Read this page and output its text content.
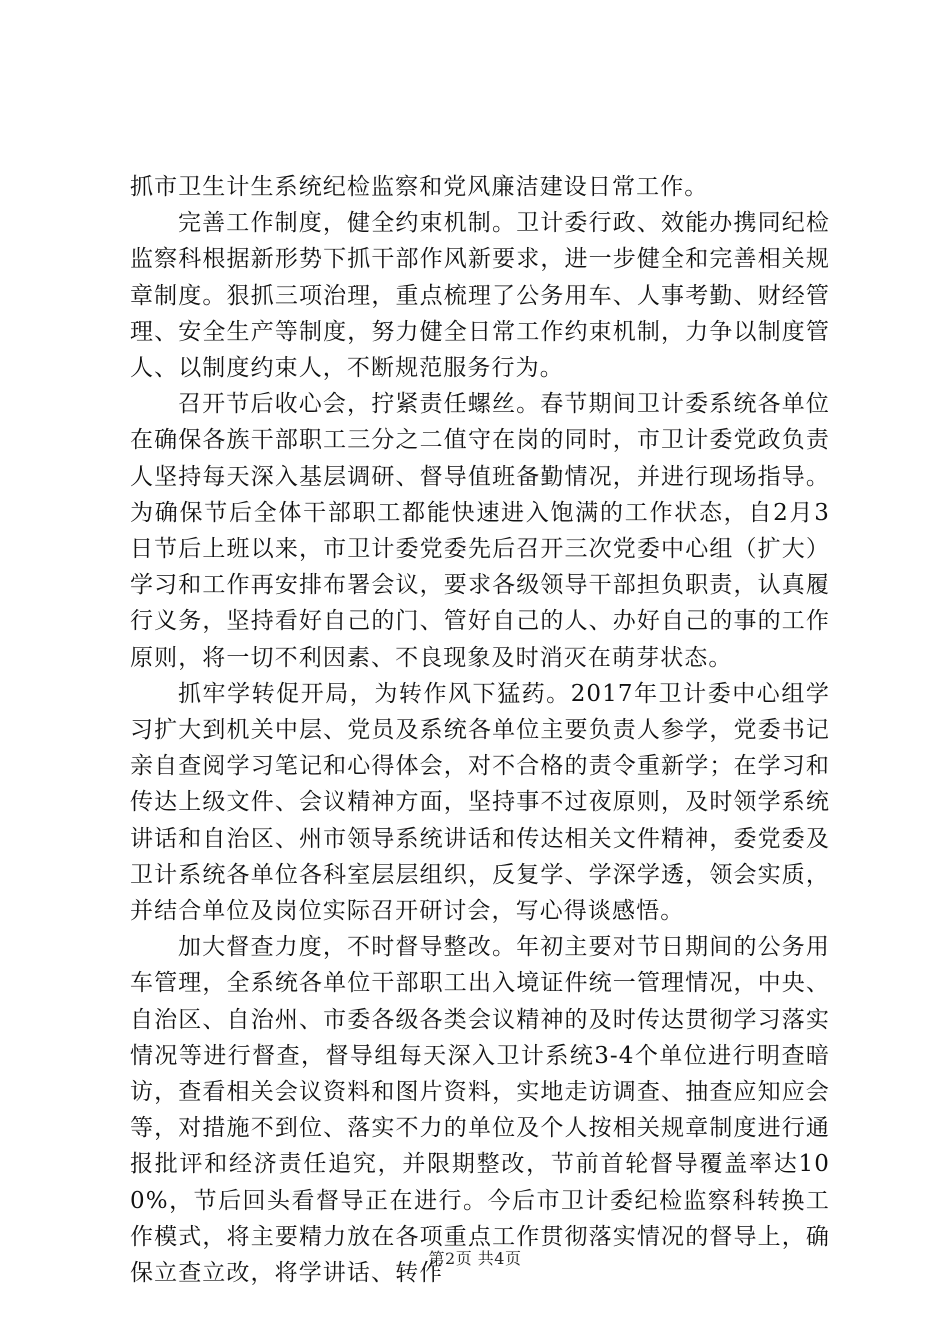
抓市卫生计生系统纪检监察和党风廉洁建设日常工作。

完善工作制度，健全约束机制。卫计委行政、效能办携同纪检监察科根据新形势下抓干部作风新要求，进一步健全和完善相关规章制度。狠抓三项治理，重点梳理了公务用车、人事考勤、财经管理、安全生产等制度，努力健全日常工作约束机制，力争以制度管人、以制度约束人，不断规范服务行为。

召开节后收心会，拧紧责任螺丝。春节期间卫计委系统各单位在确保各族干部职工三分之二值守在岗的同时，市卫计委党政负责人坚持每天深入基层调研、督导值班备勤情况，并进行现场指导。为确保节后全体干部职工都能快速进入饱满的工作状态，自2月3日节后上班以来，市卫计委党委先后召开三次党委中心组（扩大）学习和工作再安排布署会议，要求各级领导干部担负职责，认真履行义务，坚持看好自己的门、管好自己的人、办好自己的事的工作原则，将一切不利因素、不良现象及时消灭在萌芽状态。

抓牢学转促开局，为转作风下猛药。2017年卫计委中心组学习扩大到机关中层、党员及系统各单位主要负责人参学，党委书记亲自查阅学习笔记和心得体会，对不合格的责令重新学；在学习和传达上级文件、会议精神方面，坚持事不过夜原则，及时领学系统讲话和自治区、州市领导系统讲话和传达相关文件精神，委党委及卫计系统各单位各科室层层组织，反复学、学深学透，领会实质，并结合单位及岗位实际召开研讨会，写心得谈感悟。

加大督查力度，不时督导整改。年初主要对节日期间的公务用车管理，全系统各单位干部职工出入境证件统一管理情况，中央、自治区、自治州、市委各级各类会议精神的及时传达贯彻学习落实情况等进行督查，督导组每天深入卫计系统3-4个单位进行明查暗访，查看相关会议资料和图片资料，实地走访调查、抽查应知应会等，对措施不到位、落实不力的单位及个人按相关规章制度进行通报批评和经济责任追究，并限期整改，节前首轮督导覆盖率达100%，节后回头看督导正在进行。今后市卫计委纪检监察科转换工作模式，将主要精力放在各项重点工作贯彻落实情况的督导上，确保立查立改，将学讲话、转作

第2页 共4页
